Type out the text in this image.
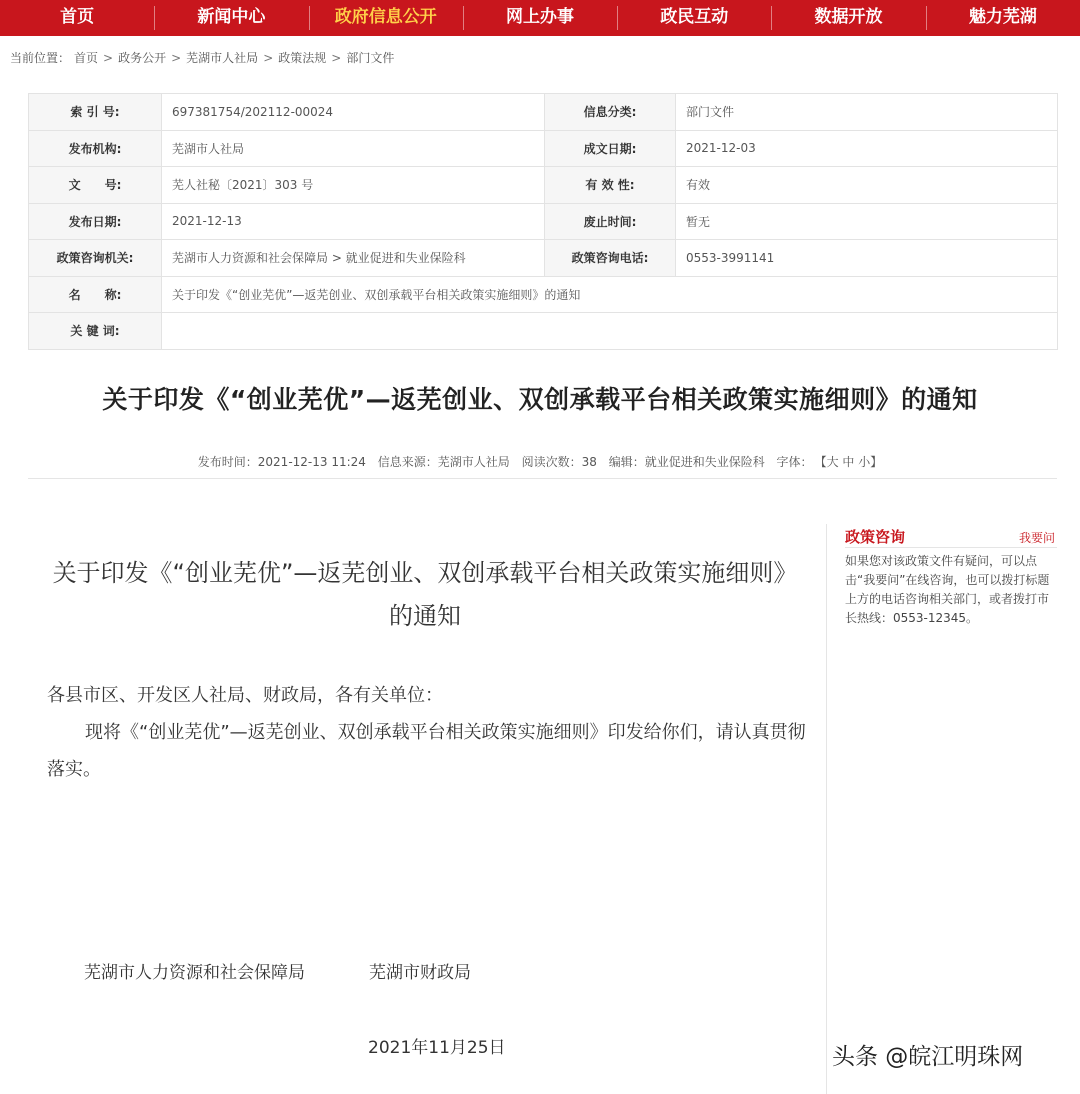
首页	新闻中心	政府信息公开	网上办事	政民互动	数据开放	魅力芜湖
当前位置： 首页 > 政务公开 > 芜湖市人社局 > 政策法规 > 部门文件
索 引 号:	697381754/202112-00024	信息分类:	部门文件
发布机构:	芜湖市人社局	成文日期:	2021-12-03
文　　号:	芜人社秘〔2021〕303 号	有 效 性:	有效
发布日期:	2021-12-13	废止时间:	暂无
政策咨询机关:	芜湖市人力资源和社会保障局 > 就业促进和失业保险科	政策咨询电话:	0553-3991141
名　　称:	关于印发《“创业芜优”—返芜创业、双创承载平台相关政策实施细则》的通知		
关 键 词:			
关于印发《“创业芜优”—返芜创业、双创承载平台相关政策实施细则》的通知
发布时间：2021-12-13 11:24 信息来源：芜湖市人社局 阅读次数：38 编辑：就业促进和失业保险科 字体： 【大 中 小】
关于印发《“创业芜优”—返芜创业、双创承载平台相关政策实施细则》 的通知
各县市区、开发区人社局、财政局，各有关单位：
现将《“创业芜优”—返芜创业、双创承载平台相关政策实施细则》印发给你们，请认真贯彻落实。
芜湖市人力资源和社会保障局	芜湖市财政局
2021年11月25日
政策咨询	我要问
如果您对该政策文件有疑问，可以点击“我要问”在线咨询，也可以拨打标题上方的电话咨询相关部门，或者拨打市长热线：0553-12345。
头条 @皖江明珠网
